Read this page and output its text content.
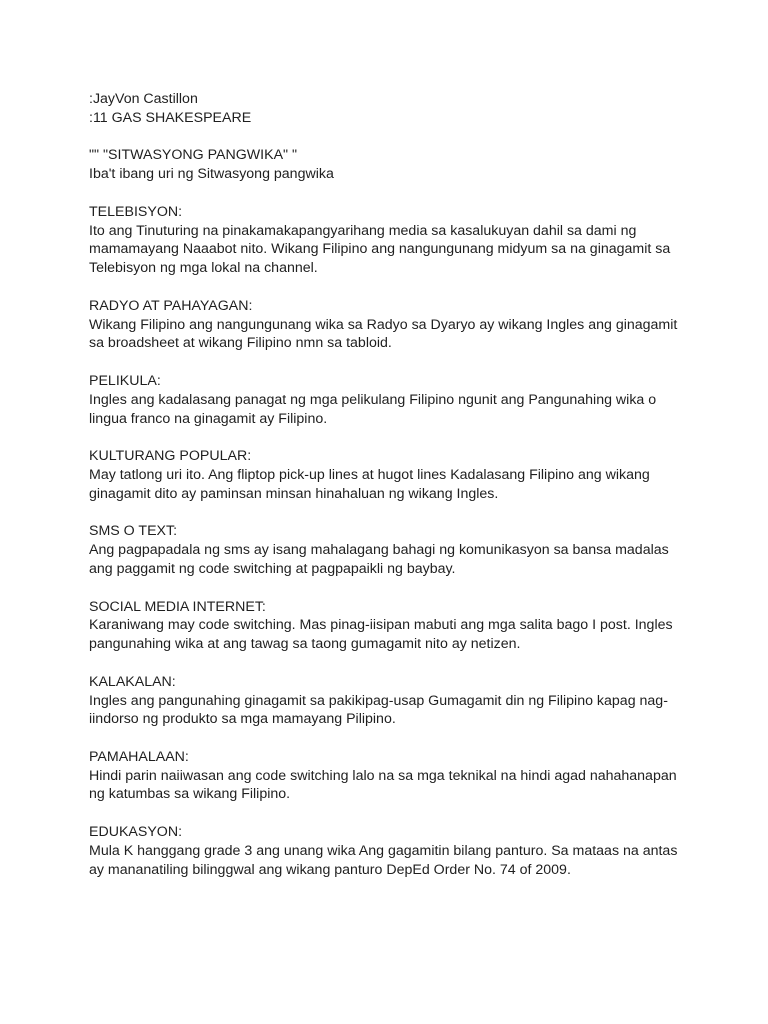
:JayVon Castillon
:11 GAS SHAKESPEARE
"" "SITWASYONG PANGWIKA" "
Iba't ibang uri ng Sitwasyong pangwika
TELEBISYON:
Ito ang Tinuturing na pinakamakapangyarihang media sa kasalukuyan dahil sa dami ng
mamamayang Naaabot nito. Wikang Filipino ang nangungunang midyum sa na ginagamit sa
Telebisyon ng mga lokal na channel.
RADYO AT PAHAYAGAN:
Wikang Filipino ang nangungunang wika sa Radyo sa Dyaryo ay wikang Ingles ang ginagamit
sa broadsheet at wikang Filipino nmn sa tabloid.
PELIKULA:
Ingles ang kadalasang panagat ng mga pelikulang Filipino ngunit ang Pangunahing wika o
lingua franco na ginagamit ay Filipino.
KULTURANG POPULAR:
May tatlong uri ito. Ang fliptop pick-up lines at hugot lines Kadalasang Filipino ang wikang
ginagamit dito ay paminsan minsan hinahaluan ng wikang Ingles.
SMS O TEXT:
Ang pagpapadala ng sms ay isang mahalagang bahagi ng komunikasyon sa bansa madalas
ang paggamit ng code switching at pagpapaikli ng baybay.
SOCIAL MEDIA INTERNET:
Karaniwang may code switching. Mas pinag-iisipan mabuti ang mga salita bago I post. Ingles
pangunahing wika at ang tawag sa taong gumagamit nito ay netizen.
KALAKALAN:
Ingles ang pangunahing ginagamit sa pakikipag-usap Gumagamit din ng Filipino kapag nag-
iindorso ng produkto sa mga mamayang Pilipino.
PAMAHALAAN:
Hindi parin naiiwasan ang code switching lalo na sa mga teknikal na hindi agad nahahanapan
ng katumbas sa wikang Filipino.
EDUKASYON:
Mula K hanggang grade 3 ang unang wika Ang gagamitin bilang panturo. Sa mataas na antas
ay mananatiling bilinggwal ang wikang panturo DepEd Order No. 74 of 2009.
